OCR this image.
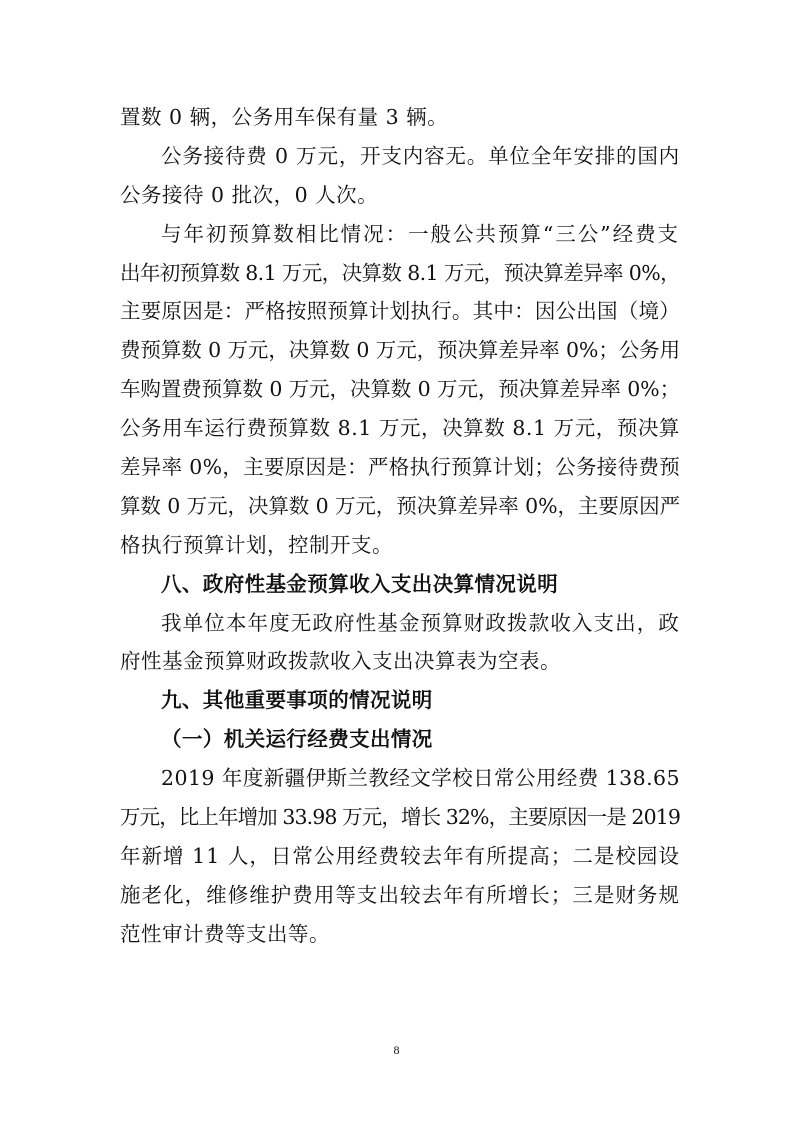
置数 0 辆，公务用车保有量 3 辆。
公务接待费 0 万元，开支内容无。单位全年安排的国内
公务接待 0 批次，0 人次。
与年初预算数相比情况：一般公共预算“三公”经费支
出年初预算数 8.1 万元，决算数 8.1 万元，预决算差异率 0%，
主要原因是：严格按照预算计划执行。其中：因公出国（境）
费预算数 0 万元，决算数 0 万元，预决算差异率 0%；公务用
车购置费预算数 0 万元，决算数 0 万元，预决算差异率 0%；
公务用车运行费预算数 8.1 万元，决算数 8.1 万元，预决算
差异率 0%，主要原因是：严格执行预算计划；公务接待费预
算数 0 万元，决算数 0 万元，预决算差异率 0%，主要原因严
格执行预算计划，控制开支。
八、政府性基金预算收入支出决算情况说明
我单位本年度无政府性基金预算财政拨款收入支出，政
府性基金预算财政拨款收入支出决算表为空表。
九、其他重要事项的情况说明
（一）机关运行经费支出情况
2019 年度新疆伊斯兰教经文学校日常公用经费 138.65
万元，比上年增加 33.98 万元，增长 32%，主要原因一是 2019
年新增 11 人，日常公用经费较去年有所提高；二是校园设
施老化，维修维护费用等支出较去年有所增长；三是财务规
范性审计费等支出等。
8
